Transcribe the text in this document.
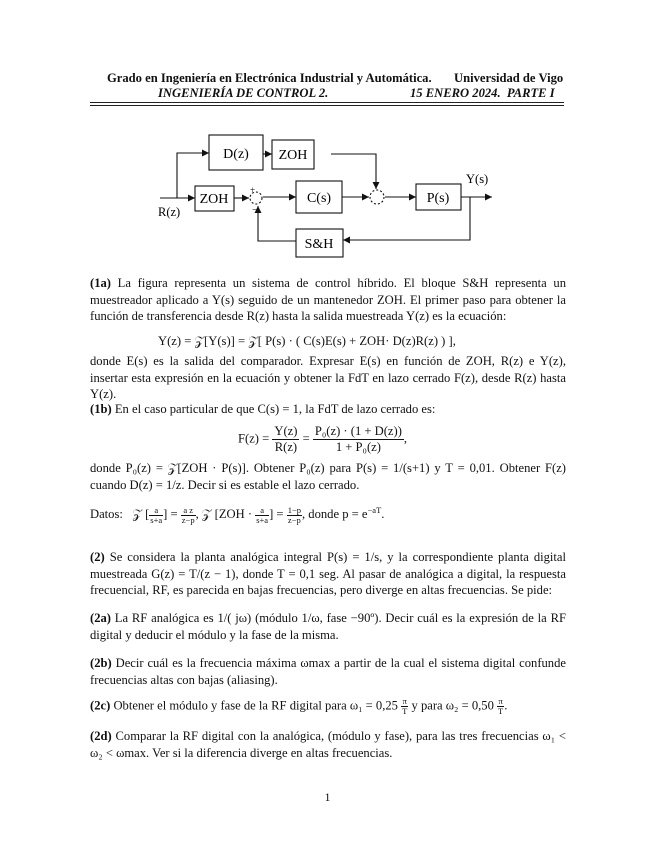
Grado en Ingeniería en Electrónica Industrial y Automática. Universidad de Vigo
INGENIERÍA DE CONTROL 2.	15 ENERO 2024.  PARTE I
D(z) ZOH
ZOH	C(s)	P(s)
S&H
R(z)
Y(s)
+
−
(1a) La figura representa un sistema de control híbrido. El bloque S&H representa un muestreador aplicado a Y(s) seguido de un mantenedor ZOH. El primer paso para obtener la función de transferencia desde R(z) hasta la salida muestreada Y(z) es la ecuación:
Y(z) = 𝒵[Y(s)] = 𝒵[ P(s) · ( C(s)E(s) + ZOH· D(z)R(z) ) ],
donde E(s) es la salida del comparador. Expresar E(s) en función de ZOH, R(z) e Y(z), insertar esta expresión en la ecuación y obtener la FdT en lazo cerrado F(z), desde R(z) hasta Y(z).
(1b) En el caso particular de que C(s) = 1, la FdT de lazo cerrado es:
$F(z) = \frac{Y(z)}{R(z)} = \frac{\text{P₀(z) · (1 + D(z))}}{\text{1 + P₀(z)}}$ ,
donde P₀(z) = 𝒵[ZOH · P(s)]. Obtener P₀(z) para P(s) = 1/(s+1) y T = 0,01. Obtener F(z) cuando D(z) = 1/z. Decir si es estable el lazo cerrado.
Datos: 𝒵 [ $\frac{a}{s+a}$ ] = $\frac{\text{a z}}{z-p}$ , 𝒵 [$ZOH \cdot \frac{a}{s+a}$ ] = $\frac{1-p}{z-p}$ , donde $p = e^{-aT}$.
(2) Se considera la planta analógica integral P(s) = 1/s, y la correspondiente planta digital muestreada G(z) = T/(z − 1), donde T = 0,1 seg. Al pasar de analógica a digital, la respuesta frecuencial, RF, es parecida en bajas frecuencias, pero diverge en altas frecuencias. Se pide:
(2a) La RF analógica es 1/( jω) (módulo 1/ω, fase −90º). Decir cuál es la expresión de la RF digital y deducir el módulo y la fase de la misma.
(2b) Decir cuál es la frecuencia máxima ωmax a partir de la cual el sistema digital confunde frecuencias altas con bajas (aliasing).
(2c) Obtener el módulo y fase de la RF digital para $\omega_1 = 0,25 \frac{\pi}{T}$ y para $\omega_2 = 0,50 \frac{\pi}{T}$ .
(2d) Comparar la RF digital con la analógica, (módulo y fase), para las tres frecuencias ω₁ < ω₂ < ωmax. Ver si la diferencia diverge en altas frecuencias.
1
